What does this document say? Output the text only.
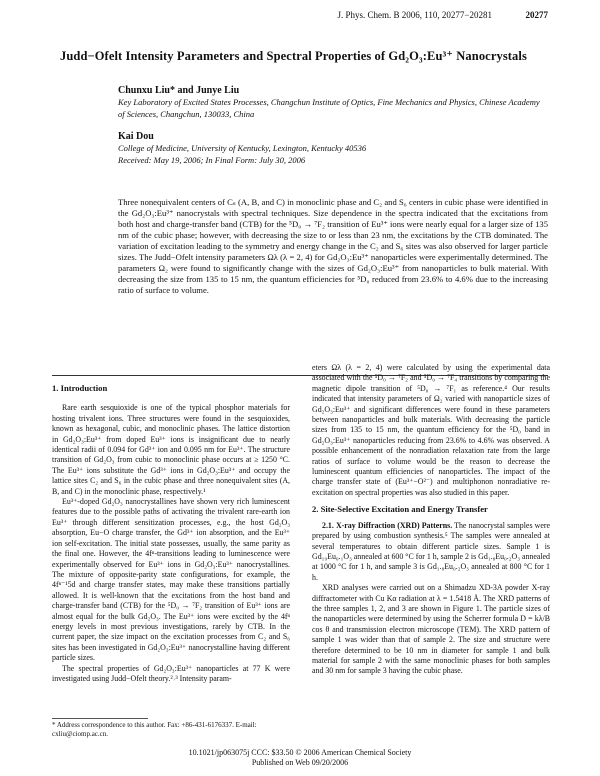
J. Phys. Chem. B 2006, 110, 20277−20281	20277
Judd−Ofelt Intensity Parameters and Spectral Properties of Gd₂O₃:Eu³⁺ Nanocrystals
Chunxu Liu* and Junye Liu
Key Laboratory of Excited States Processes, Changchun Institute of Optics, Fine Mechanics and Physics, Chinese Academy of Sciences, Changchun, 130033, China
Kai Dou
College of Medicine, University of Kentucky, Lexington, Kentucky 40536
Received: May 19, 2006; In Final Form: July 30, 2006
Three nonequivalent centers of Cₛ (A, B, and C) in monoclinic phase and C₂ and S₆ centers in cubic phase were identified in the Gd₂O₃:Eu³⁺ nanocrystals with spectral techniques. Size dependence in the spectra indicated that the excitations from both host and charge-transfer band (CTB) for the ⁵D₀ → ⁷F₂ transition of Eu³⁺ ions were nearly equal for a larger size of 135 nm of the cubic phase; however, with decreasing the size to or less than 23 nm, the excitations by the CTB dominated. The variation of excitation leading to the symmetry and energy change in the C₂ and S₆ sites was also observed for larger particle sizes. The Judd−Ofelt intensity parameters Ωλ (λ = 2, 4) for Gd₂O₃:Eu³⁺ nanoparticles were experimentally determined. The parameters Ω₂ were found to significantly change with the sizes of Gd₂O₃:Eu³⁺ from nanoparticles to bulk material. With decreasing the size from 135 to 15 nm, the quantum efficiencies for ⁵D₀ reduced from 23.6% to 4.6% due to the increasing ratio of surface to volume.
1. Introduction

Rare earth sesquioxide is one of the typical phosphor materials for hosting trivalent ions. Three structures were found in the sesquioxides, known as hexagonal, cubic, and monoclinic phases. The lattice distortion in Gd₂O₃:Eu³⁺ from doped Eu³⁺ ions is insignificant due to nearly identical radii of 0.094 for Gd³⁺ ion and 0.095 nm for Eu³⁺. The structure transition of Gd₂O₃ from cubic to monoclinic phase occurs at ≥ 1250 °C. The Eu³⁺ ions substitute the Gd³⁺ ions in Gd₂O₃:Eu³⁺ and occupy the lattice sites C₂ and S₆ in the cubic phase and three nonequivalent sites (A, B, and C) in the monoclinic phase, respectively.¹

Eu³⁺-doped Gd₂O₃ nanocrystallines have shown very rich luminescent features due to the possible paths of activating the trivalent rare-earth ion Eu³⁺ through different sensitization processes, e.g., the host Gd₂O₃ absorption, Eu−O charge transfer, the Gd³⁺ ion absorption, and the Eu³⁺ ion self-excitation. The initial state possesses, usually, the same parity as the final one. However, the 4fⁿ-transitions leading to luminescence were experimentally observed for Eu³⁺ ions in Gd₂O₃:Eu³⁺ nanocrystallines. The mixture of opposite-parity state configurations, for example, the 4fⁿ⁻¹5d and charge transfer states, may make these transitions partially allowed. It is well-known that the excitations from the host band and charge-transfer band (CTB) for the ⁵D₀ → ⁷F₂ transition of Eu³⁺ ions are almost equal for the bulk Gd₂O₃. The Eu³⁺ ions were excited by the 4fⁿ energy levels in most previous investigations, rarely by CTB. In the current paper, the size impact on the excitation processes from C₂ and S₆ sites has been investigated in Gd₂O₃:Eu³⁺ nanocrystalline having different particle sizes.

The spectral properties of Gd₂O₃:Eu³⁺ nanoparticles at 77 K were investigated using Judd−Ofelt theory.²˒³ Intensity param-

* Address correspondence to this author. Fax: +86-431-6176337. E-mail: cxliu@ciomp.ac.cn.

eters Ωλ (λ = 2, 4) were calculated by using the experimental data associated with the ⁵D₀ → ⁷F₂ and ⁵D₀ → ⁷F₄ transitions by comparing the magnetic dipole transition of ⁵D₀ → ⁷F₁ as reference.⁴ Our results indicated that intensity parameters of Ω₂ varied with nanoparticle sizes of Gd₂O₃:Eu³⁺ and significant differences were found in these parameters between nanoparticles and bulk materials. With decreasing the particle sizes from 135 to 15 nm, the quantum efficiency for the ⁵D₀ band in Gd₂O₃:Eu³⁺ nanoparticles reducing from 23.6% to 4.6% was observed. A possible enhancement of the nonradiation relaxation rate from the large ratios of surface to volume would be the reason to decrease the luminescent quantum efficiencies of nanoparticles. The impact of the charge transfer state of (Eu³⁺−O²⁻) and multiphonon nonradiative re-excitation on spectral properties was also studied in this paper.

2. Site-Selective Excitation and Energy Transfer

2.1. X-ray Diffraction (XRD) Patterns. The nanocrystal samples were prepared by using combustion synthesis.⁵ The samples were annealed at several temperatures to obtain different particle sizes. Sample 1 is Gd₁₉Eu₀.₁O₃ annealed at 600 °C for 1 h, sample 2 is Gd₁.₈Eu₀.₂O₃ annealed at 1000 °C for 1 h, and sample 3 is Gd₁.₈Eu₀.₂O₃ annealed at 800 °C for 1 h.

XRD analyses were carried out on a Shimadzu XD-3A powder X-ray diffractometer with Cu Kα radiation at λ = 1.5418 Å. The XRD patterns of the three samples 1, 2, and 3 are shown in Figure 1. The particle sizes of the nanoparticles were determined by using the Scherrer formula D = kλ/B cos θ and transmission electron microscope (TEM). The XRD pattern of sample 1 was wider than that of sample 2. The size and structure were therefore determined to be 10 nm in diameter for sample 1 and bulk material for sample 2 with the same monoclinic phases for both samples and 30 nm for sample 3 having the cubic phase.

10.1021/jp063075j CCC: $33.50 © 2006 American Chemical Society
Published on Web 09/20/2006
